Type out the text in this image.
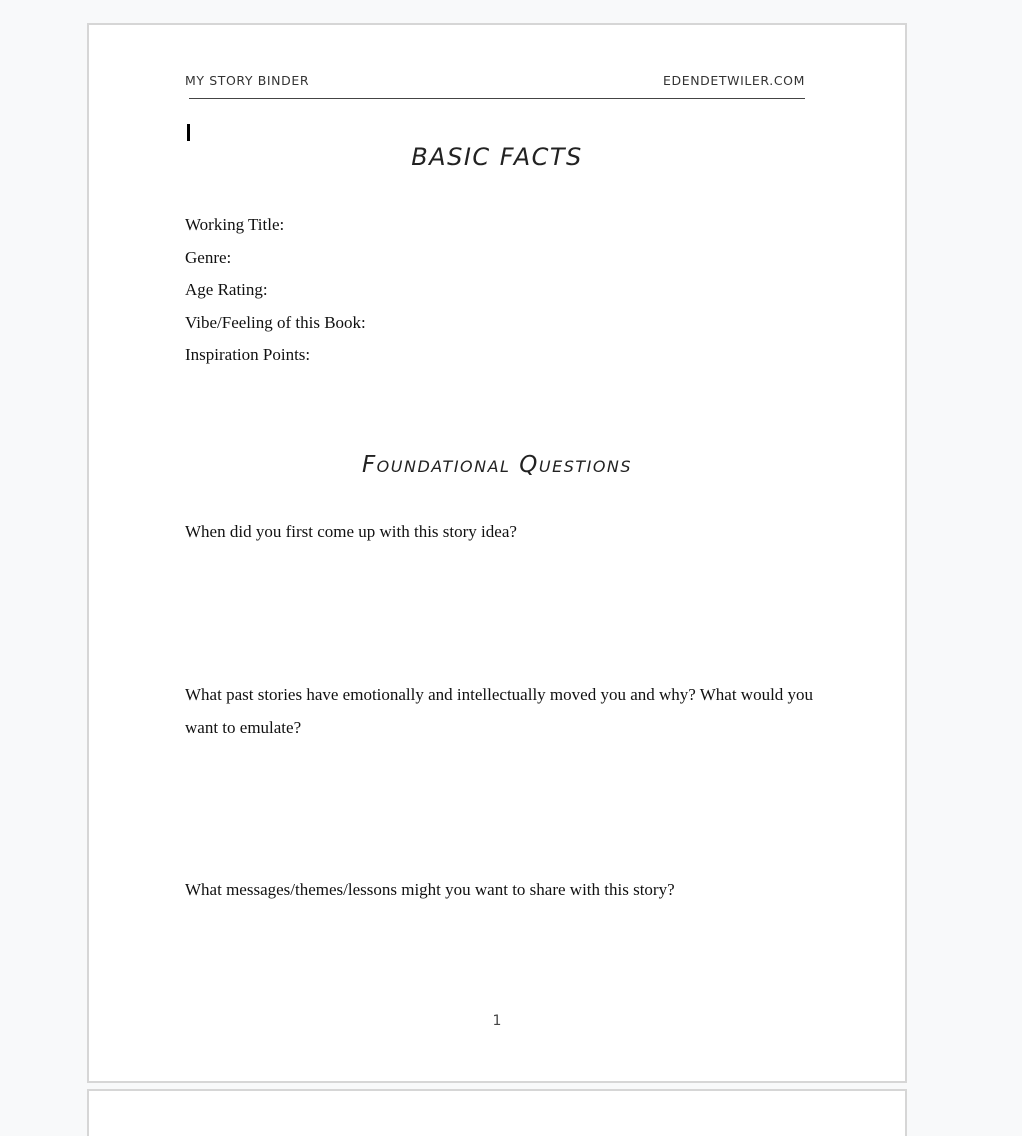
MY STORY BINDER	EDENDETWILER.COM
BASIC FACTS
Working Title:
Genre:
Age Rating:
Vibe/Feeling of this Book:
Inspiration Points:
Foundational Questions
When did you first come up with this story idea?
What past stories have emotionally and intellectually moved you and why? What would you want to emulate?
What messages/themes/lessons might you want to share with this story?
1
